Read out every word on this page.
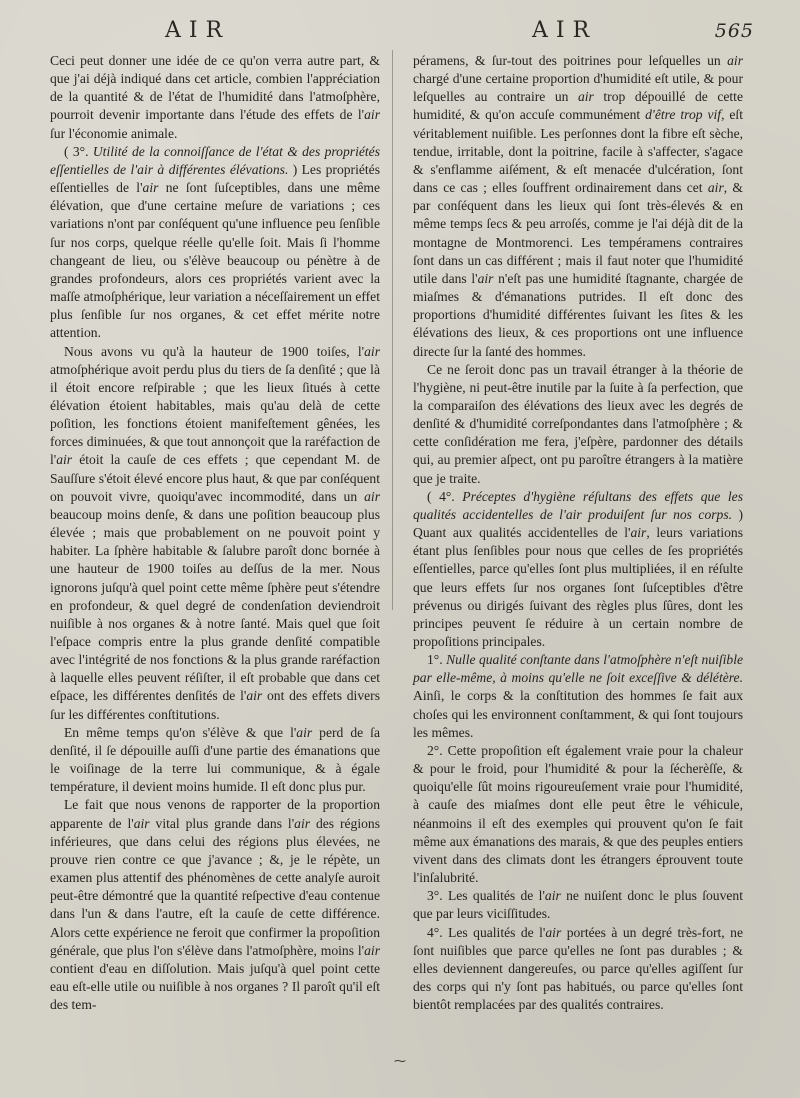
AIR	AIR	565

Ceci peut donner une idée de ce qu'on verra autre part, & que j'ai déjà indiqué dans cet article, combien l'appréciation de la quantité & de l'état de l'humidité dans l'atmoſphère, pourroit devenir importante dans l'étude des effets de l'air ſur l'économie animale.

( 3°. Utilité de la connoiſſance de l'état & des propriétés eſſentielles de l'air à différentes élévations. ) Les propriétés eſſentielles de l'air ne ſont ſuſceptibles, dans une même élévation, que d'une certaine meſure de variations ; ces variations n'ont par conſéquent qu'une influence peu ſenſible ſur nos corps, quelque réelle qu'elle ſoit. Mais ſi l'homme changeant de lieu, ou s'élève beaucoup ou pénètre à de grandes profondeurs, alors ces propriétés varient avec la maſſe atmoſphérique, leur variation a néceſſairement un effet plus ſenſible ſur nos organes, & cet effet mérite notre attention.

Nous avons vu qu'à la hauteur de 1900 toiſes, l'air atmoſphérique avoit perdu plus du tiers de ſa denſité ; que là il étoit encore reſpirable ; que les lieux ſitués à cette élévation étoient habitables, mais qu'au delà de cette poſition, les fonctions étoient manifeſtement gênées, les forces diminuées, & que tout annonçoit que la raréfaction de l'air étoit la cauſe de ces effets ; que cependant M. de Sauſſure s'étoit élevé encore plus haut, & que par conſéquent on pouvoit vivre, quoiqu'avec incommodité, dans un air beaucoup moins denſe, & dans une poſition beaucoup plus élevée ; mais que probablement on ne pouvoit point y habiter. La ſphère habitable & ſalubre paroît donc bornée à une hauteur de 1900 toiſes au deſſus de la mer. Nous ignorons juſqu'à quel point cette même ſphère peut s'étendre en profondeur, & quel degré de condenſation deviendroit nuiſible à nos organes & à notre ſanté. Mais quel que ſoit l'eſpace compris entre la plus grande denſité compatible avec l'intégrité de nos fonctions & la plus grande raréfaction à laquelle elles peuvent réſiſter, il eſt probable que dans cet eſpace, les différentes denſités de l'air ont des effets divers ſur les différentes conſtitutions.

En même temps qu'on s'élève & que l'air perd de ſa denſité, il ſe dépouille auſſi d'une partie des émanations que le voiſinage de la terre lui communique, & à égale température, il devient moins humide. Il eſt donc plus pur.

Le fait que nous venons de rapporter de la proportion apparente de l'air vital plus grande dans l'air des régions inférieures, que dans celui des régions plus élevées, ne prouve rien contre ce que j'avance ; &, je le répète, un examen plus attentif des phénomènes de cette analyſe auroit peut-être démontré que la quantité reſpective d'eau contenue dans l'un & dans l'autre, eſt la cauſe de cette différence. Alors cette expérience ne feroit que confirmer la propoſition générale, que plus l'on s'élève dans l'atmoſphère, moins l'air contient d'eau en diſſolution. Mais juſqu'à quel point cette eau eſt-elle utile ou nuiſible à nos organes ? Il paroît qu'il eſt des tem-

péramens, & ſur-tout des poitrines pour leſquelles un air chargé d'une certaine proportion d'humidité eſt utile, & pour leſquelles au contraire un air trop dépouillé de cette humidité, & qu'on accuſe communément d'être trop vif, eſt véritablement nuiſible. Les perſonnes dont la fibre eſt sèche, tendue, irritable, dont la poitrine, facile à s'affecter, s'agace & s'enflamme aiſément, & eſt menacée d'ulcération, ſont dans ce cas ; elles ſouffrent ordinairement dans cet air, & par conſéquent dans les lieux qui ſont très-élevés & en même temps ſecs & peu arroſés, comme je l'ai déjà dit de la montagne de Montmorenci. Les tempéramens contraires ſont dans un cas différent ; mais il faut noter que l'humidité utile dans l'air n'eſt pas une humidité ſtagnante, chargée de miaſmes & d'émanations putrides. Il eſt donc des proportions d'humidité différentes ſuivant les ſites & les élévations des lieux, & ces proportions ont une influence directe ſur la ſanté des hommes.

Ce ne ſeroit donc pas un travail étranger à la théorie de l'hygiène, ni peut-être inutile par la ſuite à ſa perfection, que la comparaiſon des élévations des lieux avec les degrés de denſité & d'humidité correſpondantes dans l'atmoſphère ; & cette conſidération me fera, j'eſpère, pardonner des détails qui, au premier aſpect, ont pu paroître étrangers à la matière que je traite.

( 4°. Préceptes d'hygiène réſultans des effets que les qualités accidentelles de l'air produiſent ſur nos corps. ) Quant aux qualités accidentelles de l'air, leurs variations étant plus ſenſibles pour nous que celles de ſes propriétés eſſentielles, parce qu'elles ſont plus multipliées, il en réſulte que leurs effets ſur nos organes ſont ſuſceptibles d'être prévenus ou dirigés ſuivant des règles plus ſûres, dont les principes peuvent ſe réduire à un certain nombre de propoſitions principales.

1°. Nulle qualité conſtante dans l'atmoſphère n'eſt nuiſible par elle-même, à moins qu'elle ne ſoit exceſſive & délétère. Ainſi, le corps & la conſtitution des hommes ſe fait aux choſes qui les environnent conſtamment, & qui ſont toujours les mêmes.

2°. Cette propoſition eſt également vraie pour la chaleur & pour le froid, pour l'humidité & pour la ſécherèſſe, & quoiqu'elle ſût moins rigoureuſement vraie pour l'humidité, à cauſe des miaſmes dont elle peut être le véhicule, néanmoins il eſt des exemples qui prouvent qu'on ſe fait même aux émanations des marais, & que des peuples entiers vivent dans des climats dont les étrangers éprouvent toute l'inſalubrité.

3°. Les qualités de l'air ne nuiſent donc le plus ſouvent que par leurs viciſſitudes.

4°. Les qualités de l'air portées à un degré très-fort, ne ſont nuiſibles que parce qu'elles ne ſont pas durables ; & elles deviennent dangereuſes, ou parce qu'elles agiſſent ſur des corps qui n'y ſont pas habitués, ou parce qu'elles ſont bientôt remplacées par des qualités contraires.

⁓
